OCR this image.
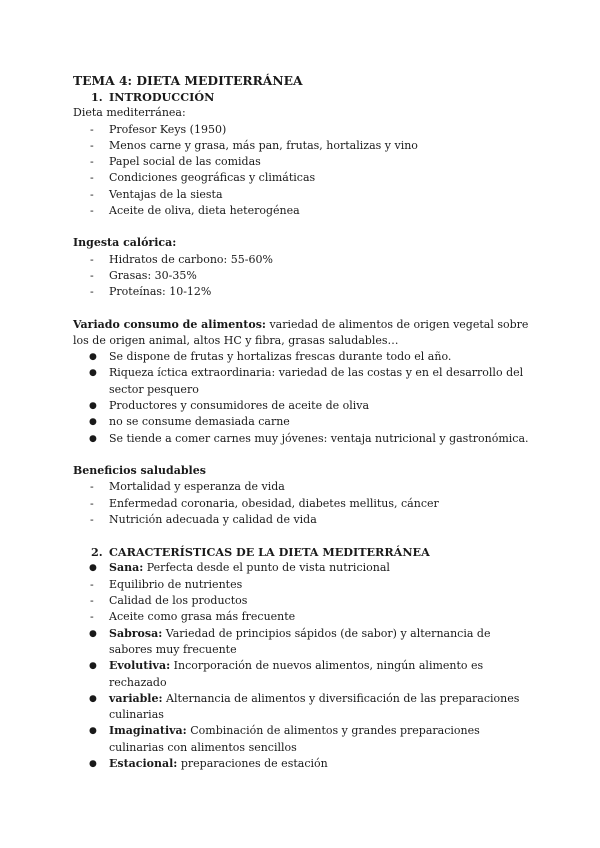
TEMA 4: DIETA MEDITERRÁNEA

1. INTRODUCCIÓN

Dieta mediterránea:

-	Profesor Keys (1950)
-	Menos carne y grasa, más pan, frutas, hortalizas y vino
-	Papel social de las comidas
-	Condiciones geográficas y climáticas
-	Ventajas de la siesta
-	Aceite de oliva, dieta heterogénea

Ingesta calórica:

-	Hidratos de carbono: 55-60%
-	Grasas: 30-35%
-	Proteínas: 10-12%

Variado consumo de alimentos: variedad de alimentos de origen vegetal sobre los de origen animal, altos HC y fibra, grasas saludables…

● Se dispone de frutas y hortalizas frescas durante todo el año.
● Riqueza íctica extraordinaria: variedad de las costas y en el desarrollo del sector pesquero
● Productores y consumidores de aceite de oliva
● no se consume demasiada carne
● Se tiende a comer carnes muy jóvenes: ventaja nutricional y gastronómica.

Beneficios saludables

-	Mortalidad y esperanza de vida
-	Enfermedad coronaria, obesidad, diabetes mellitus, cáncer
-	Nutrición adecuada y calidad de vida
2. CARACTERÍSTICAS DE LA DIETA MEDITERRÁNEA
● Sana: Perfecta desde el punto de vista nutricional
-	Equilibrio de nutrientes
-	Calidad de los productos
-	Aceite como grasa más frecuente
● Sabrosa: Variedad de principios sápidos (de sabor) y alternancia de sabores muy frecuente
● Evolutiva: Incorporación de nuevos alimentos, ningún alimento es rechazado
● variable: Alternancia de alimentos y diversificación de las preparaciones culinarias
● Imaginativa: Combinación de alimentos y grandes preparaciones culinarias con alimentos sencillos
● Estacional: preparaciones de estación
